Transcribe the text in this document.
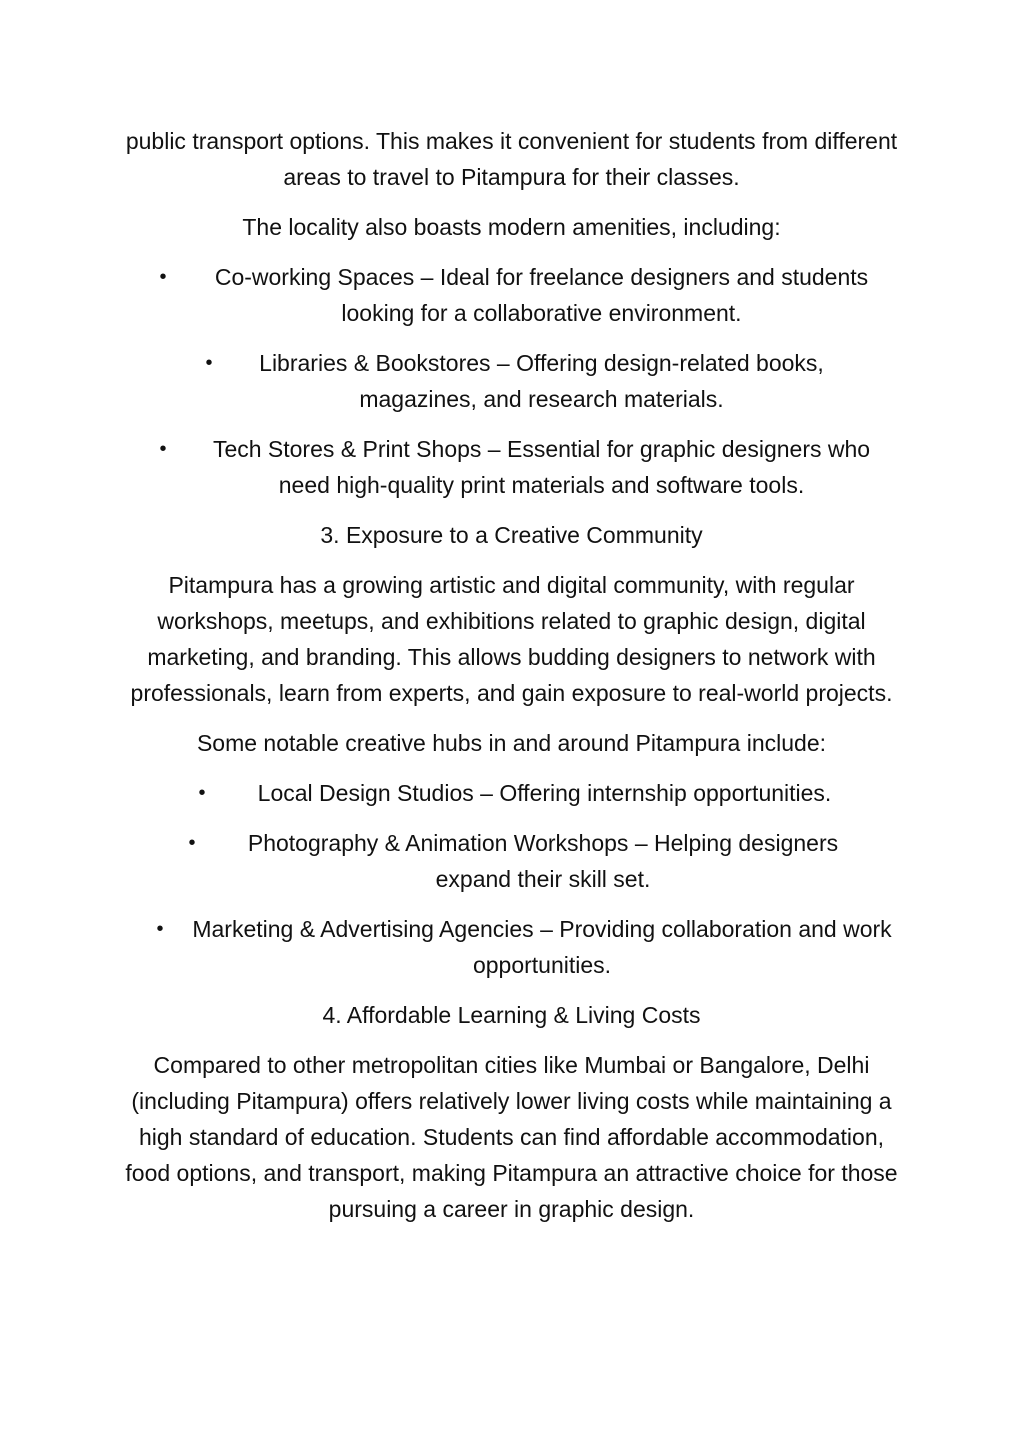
public transport options. This makes it convenient for students from different areas to travel to Pitampura for their classes.

The locality also boasts modern amenities, including:

•	Co-working Spaces – Ideal for freelance designers and students looking for a collaborative environment.
•	Libraries & Bookstores – Offering design-related books, magazines, and research materials.
•	Tech Stores & Print Shops – Essential for graphic designers who need high-quality print materials and software tools.

3. Exposure to a Creative Community

Pitampura has a growing artistic and digital community, with regular workshops, meetups, and exhibitions related to graphic design, digital marketing, and branding. This allows budding designers to network with professionals, learn from experts, and gain exposure to real-world projects.

Some notable creative hubs in and around Pitampura include:

•	Local Design Studios – Offering internship opportunities.
•	Photography & Animation Workshops – Helping designers expand their skill set.
• Marketing & Advertising Agencies – Providing collaboration and work opportunities.

4. Affordable Learning & Living Costs

Compared to other metropolitan cities like Mumbai or Bangalore, Delhi (including Pitampura) offers relatively lower living costs while maintaining a high standard of education. Students can find affordable accommodation, food options, and transport, making Pitampura an attractive choice for those pursuing a career in graphic design.
